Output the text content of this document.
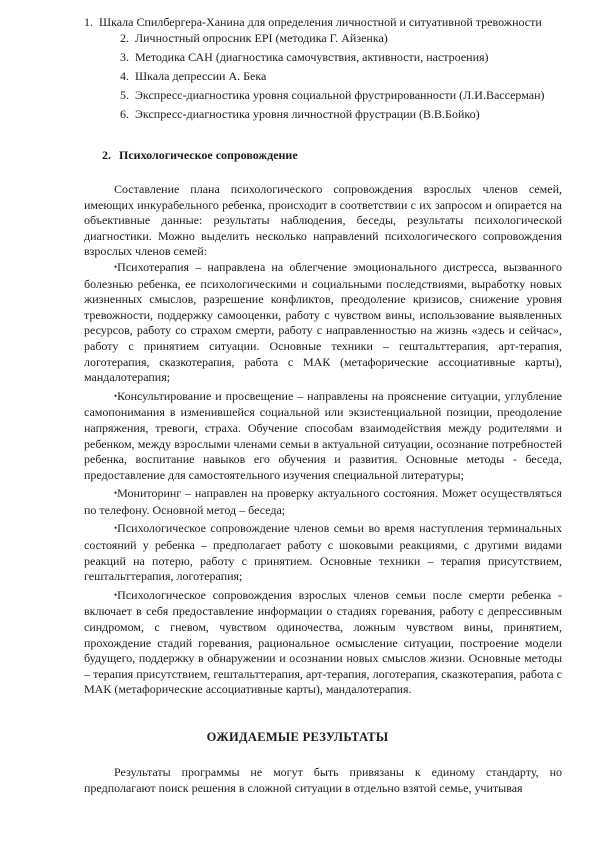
1. Шкала Спилбергера-Ханина для определения личностной и ситуативной тревожности

2. Личностный опросник EPI (методика Г. Айзенка)

3. Методика САН (диагностика самочувствия, активности, настроения)

4. Шкала депрессии А. Бека

5. Экспресс-диагностика уровня социальной фрустрированности (Л.И.Вассерман)

6. Экспресс-диагностика уровня личностной фрустрации (В.В.Бойко)

2. Психологическое сопровождение

Составление плана психологического сопровождения взрослых членов семей, имеющих инкурабельного ребенка, происходит в соответствии с их запросом и опирается на объективные данные: результаты наблюдения, беседы, результаты психологической диагностики. Можно выделить несколько направлений психологического сопровождения взрослых членов семей:

•Психотерапия – направлена на облегчение эмоционального дистресса, вызванного болезнью ребенка, ее психологическими и социальными последствиями, выработку новых жизненных смыслов, разрешение конфликтов, преодоление кризисов, снижение уровня тревожности, поддержку самооценки, работу с чувством вины, использование выявленных ресурсов, работу со страхом смерти, работу с направленностью на жизнь «здесь и сейчас», работу с принятием ситуации. Основные техники – гештальттерапия, арт-терапия, логотерапия, сказкотерапия, работа с МАК (метафорические ассоциативные карты), мандалотерапия;

•Консультирование и просвещение – направлены на прояснение ситуации, углубление самопонимания в изменившейся социальной или экзистенциальной позиции, преодоление напряжения, тревоги, страха. Обучение способам взаимодействия между родителями и ребенком, между взрослыми членами семьи в актуальной ситуации, осознание потребностей ребенка, воспитание навыков его обучения и развития. Основные методы - беседа, предоставление для самостоятельного изучения специальной литературы;

•Мониторинг – направлен на проверку актуального состояния. Может осуществляться по телефону. Основной метод – беседа;

•Психологическое сопровождение членов семьи во время наступления терминальных состояний у ребенка – предполагает работу с шоковыми реакциями, с другими видами реакций на потерю, работу с принятием. Основные техники – терапия присутствием, гештальттерапия, логотерапия;

•Психологическое сопровождения взрослых членов семьи после смерти ребенка - включает в себя предоставление информации о стадиях горевания, работу с депрессивным синдромом, с гневом, чувством одиночества, ложным чувством вины, принятием, прохождение стадий горевания, рациональное осмысление ситуации, построение модели будущего, поддержку в обнаружении и осознании новых смыслов жизни. Основные методы – терапия присутствием, гештальттерапия, арт-терапия, логотерапия, сказкотерапия, работа с МАК (метафорические ассоциативные карты), мандалотерапия.

ОЖИДАЕМЫЕ РЕЗУЛЬТАТЫ

Результаты программы не могут быть привязаны к единому стандарту, но предполагают поиск решения в сложной ситуации в отдельно взятой семье, учитывая
